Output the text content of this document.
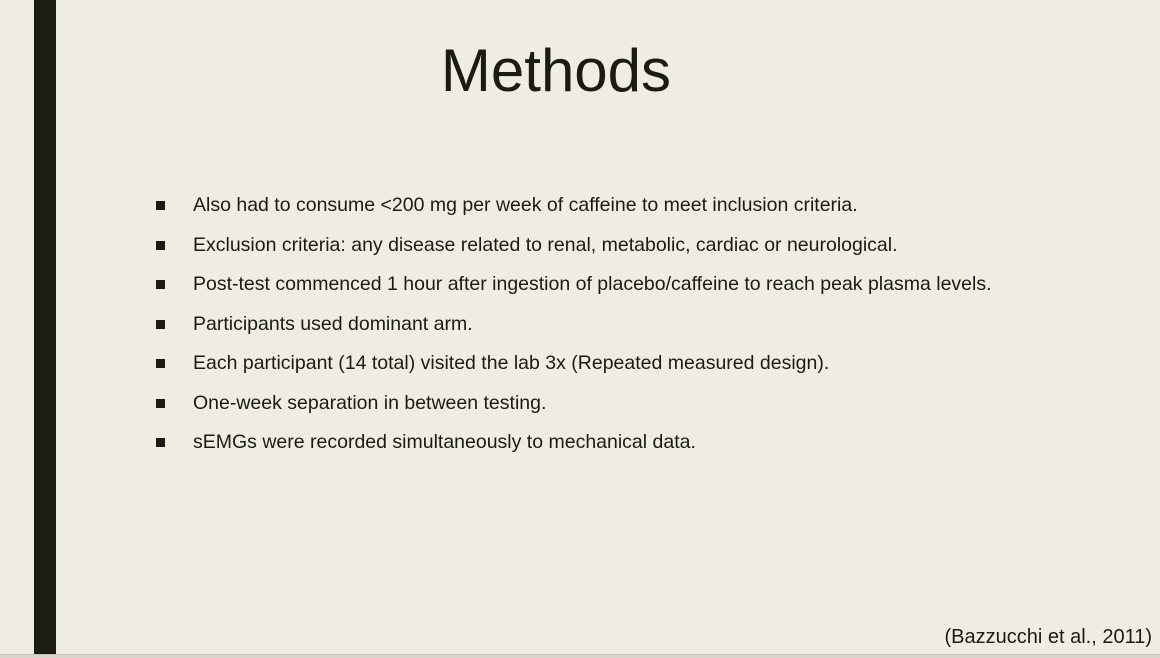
Methods
Also had to consume <200 mg per week of caffeine to meet inclusion criteria.
Exclusion criteria: any disease related to renal, metabolic, cardiac or neurological.
Post-test commenced 1 hour after ingestion of placebo/caffeine to reach peak plasma levels.
Participants used dominant arm.
Each participant (14 total) visited the lab 3x (Repeated measured design).
One-week separation in between testing.
sEMGs were recorded simultaneously to mechanical data.
(Bazzucchi et al., 2011)
